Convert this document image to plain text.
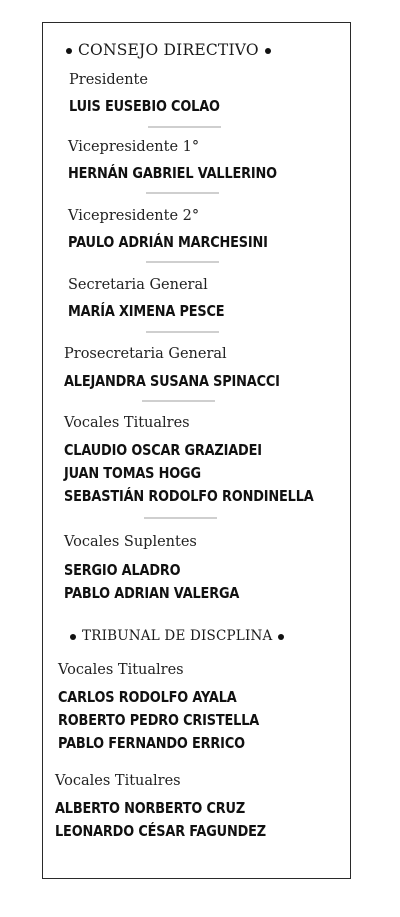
CONSEJO DIRECTIVO
Presidente
LUIS EUSEBIO COLAO
Vicepresidente 1°
HERNÁN GABRIEL VALLERINO
Vicepresidente 2°
PAULO ADRIÁN MARCHESINI
Secretaria General
MARÍA XIMENA PESCE
Prosecretaria General
ALEJANDRA SUSANA SPINACCI
Vocales Titualres
CLAUDIO OSCAR GRAZIADEI
JUAN TOMAS HOGG
SEBASTIÁN RODOLFO RONDINELLA
Vocales Suplentes
SERGIO ALADRO
PABLO ADRIAN VALERGA
TRIBUNAL DE DISCPLINA
Vocales Titualres
CARLOS RODOLFO AYALA
ROBERTO PEDRO CRISTELLA
PABLO FERNANDO ERRICO
Vocales Titualres
ALBERTO NORBERTO CRUZ
LEONARDO CÉSAR FAGUNDEZ
